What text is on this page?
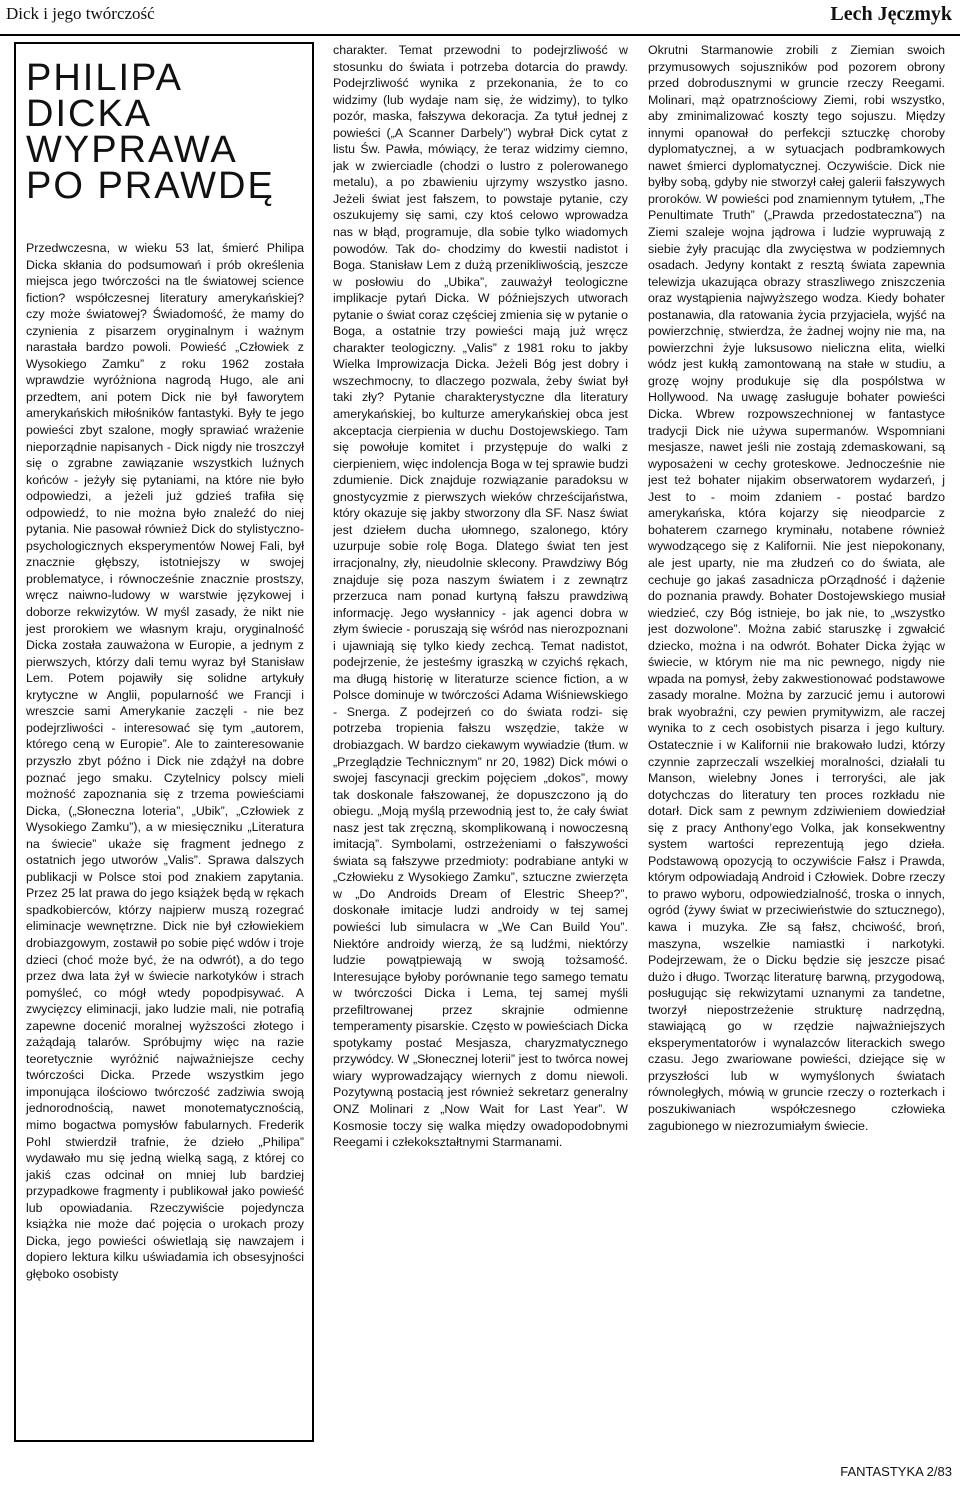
Dick i jego twórczość	Lech Jęczmyk
PHILIPA
DICKA
WYPRAWA
PO PRAWDĘ

Przedwczesna, w wieku 53 lat, śmierć Philipa Dicka skłania do podsumowań i prób określenia miejsca jego twórczości na tle światowej science fiction? współczesnej literatury amerykańskiej? czy może światowej? Świadomość, że mamy do czynienia z pisarzem oryginalnym i ważnym narastała bardzo powoli. Powieść „Człowiek z Wysokiego Zamku” z roku 1962 została wprawdzie wyróżniona nagrodą Hugo, ale ani przedtem, ani potem Dick nie był faworytem amerykańskich miłośników fantastyki. Były te jego powieści zbyt szalone, mogły sprawiać wrażenie nieporządnie napisanych - Dick nigdy nie troszczył się o zgrabne zawiązanie wszystkich luźnych końców - jeżyły się pytaniami, na które nie było odpowiedzi, a jeżeli już gdzieś trafiła się odpowiedź, to nie można było znaleźć do niej pytania. Nie pasował również Dick do stylistyczno-psychologicznych eksperymentów Nowej Fali, był znacznie głębszy, istotniejszy w swojej problematyce, i równocześnie znacznie prostszy, wręcz naiwno-ludowy w warstwie językowej i doborze rekwizytów. W myśl zasady, że nikt nie jest prorokiem we własnym kraju, oryginalność Dicka została zauważona w Europie, a jednym z pierwszych, którzy dali temu wyraz był Stanisław Lem. Potem pojawiły się solidne artykuły krytyczne w Anglii, popularność we Francji i wreszcie sami Amerykanie zaczęli - nie bez podejrzliwości - interesować się tym „autorem, którego ceną w Europie”. Ale to zainteresowanie przyszło zbyt późno i Dick nie zdążył na dobre poznać jego smaku. Czytelnicy polscy mieli możność zapoznania się z trzema powieściami Dicka, („Słoneczna loteria”, „Ubik”, „Człowiek z Wysokiego Zamku”), a w miesięczniku „Literatura na świecie” ukaże się fragment jednego z ostatnich jego utworów „Valis”. Sprawa dalszych publikacji w Polsce stoi pod znakiem zapytania. Przez 25 lat prawa do jego książek będą w rękach spadkobierców, którzy najpierw muszą rozegrać eliminacje wewnętrzne. Dick nie był człowiekiem drobiazgowym, zostawił po sobie pięć wdów i troje dzieci (choć może być, że na odwrót), a do tego przez dwa lata żył w świecie narkotyków i strach pomyśleć, co mógł wtedy popodpisywać. A zwycięzcy eliminacji, jako ludzie mali, nie potrafią zapewne docenić moralnej wyższości złotego i zażądają talarów. Spróbujmy więc na razie teoretycznie wyróżnić najważniejsze cechy twórczości Dicka. Przede wszystkim jego imponująca ilościowo twórczość zadziwia swoją jednorodnością, nawet monotematycznością, mimo bogactwa pomysłów fabularnych. Frederik Pohl stwierdził trafnie, że dzieło „Philipa” wydawało mu się jedną wielką sagą, z której co jakiś czas odcinał on mniej lub bardziej przypadkowe fragmenty i publikował jako powieść lub opowiadania. Rzeczywiście pojedyncza książka nie może dać pojęcia o urokach prozy Dicka, jego powieści oświetlają się nawzajem i dopiero lektura kilku uświadamia ich obsesyjności głęboko osobisty

charakter. Temat przewodni to podejrzliwość w stosunku do świata i potrzeba dotarcia do prawdy. Podejrzliwość wynika z przekonania, że to co widzimy (lub wydaje nam się, że widzimy), to tylko pozór, maska, fałszywa dekoracja. Za tytuł jednej z powieści („A Scanner Darbely”) wybrał Dick cytat z listu Św. Pawła, mówiący, że teraz widzimy ciemno, jak w zwierciadle (chodzi o lustro z polerowanego metalu), a po zbawieniu ujrzymy wszystko jasno. Jeżeli świat jest fałszem, to powstaje pytanie, czy oszukujemy się sami, czy ktoś celowo wprowadza nas w błąd, programuje, dla sobie tylko wiadomych powodów. Tak do- chodzimy do kwestii nadistot i Boga. Stanisław Lem z dużą przenikliwością, jeszcze w posłowiu do „Ubika”, zauważył teologiczne implikacje pytań Dicka. W późniejszych utworach pytanie o świat coraz częściej zmienia się w pytanie o Boga, a ostatnie trzy powieści mają już wręcz charakter teologiczny. „Valis” z 1981 roku to jakby Wielka Improwizacja Dicka. Jeżeli Bóg jest dobry i wszechmocny, to dlaczego pozwala, żeby świat był taki zły? Pytanie charakterystyczne dla literatury amerykańskiej, bo kulturze amerykańskiej obca jest akceptacja cierpienia w duchu Dostojewskiego. Tam się powołuje komitet i przystępuje do walki z cierpieniem, więc indolencja Boga w tej sprawie budzi zdumienie. Dick znajduje rozwiązanie paradoksu w gnostycyzmie z pierwszych wieków chrześcijaństwa, który okazuje się jakby stworzony dla SF. Nasz świat jest dziełem ducha ułomnego, szalonego, który uzurpuje sobie rolę Boga. Dlatego świat ten jest irracjonalny, zły, nieudolnie sklecony. Prawdziwy Bóg znajduje się poza naszym światem i z zewnątrz przerzuca nam ponad kurtyną fałszu prawdziwą informację. Jego wysłannicy - jak agenci dobra w złym świecie - poruszają się wśród nas nierozpoznani i ujawniają się tylko kiedy zechcą. Temat nadistot, podejrzenie, że jesteśmy igraszką w czyichś rękach, ma długą historię w literaturze science fiction, a w Polsce dominuje w twórczości Adama Wiśniewskiego - Snerga. Z podejrzeń co do świata rodzi- się potrzeba tropienia fałszu wszędzie, także w drobiazgach. W bardzo ciekawym wywiadzie (tłum. w „Przeglądzie Technicznym” nr 20, 1982) Dick mówi o swojej fascynacji greckim pojęciem „dokos”, mowy tak doskonale fałszowanej, że dopuszczono ją do obiegu. „Moją myślą przewodnią jest to, że cały świat nasz jest tak zręczną, skomplikowaną i nowoczesną imitacją”. Symbolami, ostrzeżeniami o fałszywości świata są fałszywe przedmioty: podrabiane antyki w „Człowieku z Wysokiego Zamku”, sztuczne zwierzęta w „Do Androids Dream of Elestric Sheep?”, doskonałe imitacje ludzi androidy w tej samej powieści lub simulacra w „We Can Build You”. Niektóre androidy wierzą, że są ludźmi, niektórzy ludzie powątpiewają w swoją tożsamość. Interesujące byłoby porównanie tego samego tematu w twórczości Dicka i Lema, tej samej myśli przefiltrowanej przez skrajnie odmienne temperamenty pisarskie. Często w powieściach Dicka spotykamy postać Mesjasza, charyzmatycznego przywódcy. W „Słonecznej loterii” jest to twórca nowej wiary wyprowadzający wiernych z domu niewoli. Pozytywną postacią jest również sekretarz generalny ONZ Molinari z „Now Wait for Last Year”. W Kosmosie toczy się walka między owadopodobnymi Reegami i człekokształtnymi Starmanami.

Okrutni Starmanowie zrobili z Ziemian swoich przymusowych sojuszników pod pozorem obrony przed dobrodusznymi w gruncie rzeczy Reegami. Molinari, mąż opatrznościowy Ziemi, robi wszystko, aby zminimalizować koszty tego sojuszu. Między innymi opanował do perfekcji sztuczkę choroby dyplomatycznej, a w sytuacjach podbramkowych nawet śmierci dyplomatycznej. Oczywiście. Dick nie byłby sobą, gdyby nie stworzył całej galerii fałszywych proroków. W powieści pod znamiennym tytułem, „The Penultimate Truth” („Prawda przedostateczna”) na Ziemi szaleje wojna jądrowa i ludzie wypruwają z siebie żyły pracując dla zwycięstwa w podziemnych osadach. Jedyny kontakt z resztą świata zapewnia telewizja ukazująca obrazy straszliwego zniszczenia oraz wystąpienia najwyższego wodza. Kiedy bohater postanawia, dla ratowania życia przyjaciela, wyjść na powierzchnię, stwierdza, że żadnej wojny nie ma, na powierzchni żyje luksusowo nieliczna elita, wielki wódz jest kukłą zamontowaną na stałe w studiu, a grozę wojny produkuje się dla pospólstwa w Hollywood. Na uwagę zasługuje bohater powieści Dicka. Wbrew rozpowszechnionej w fantastyce tradycji Dick nie używa supermanów. Wspomniani mesjasze, nawet jeśli nie zostają zdemaskowani, są wyposażeni w cechy groteskowe. Jednocześnie nie jest też bohater nijakim obserwatorem wydarzeń, j Jest to - moim zdaniem - postać bardzo amerykańska, która kojarzy się nieodparcie z bohaterem czarnego kryminału, notabene również wywodzącego się z Kalifornii. Nie jest niepokonany, ale jest uparty, nie ma złudzeń co do świata, ale cechuje go jakaś zasadnicza pOrządność i dążenie do poznania prawdy. Bohater Dostojewskiego musiał wiedzieć, czy Bóg istnieje, bo jak nie, to „wszystko jest dozwolone”. Można zabić staruszkę i zgwałcić dziecko, można i na odwrót. Bohater Dicka żyjąc w świecie, w którym nie ma nic pewnego, nigdy nie wpada na pomysł, żeby zakwestionować podstawowe zasady moralne. Można by zarzucić jemu i autorowi brak wyobraźni, czy pewien prymitywizm, ale raczej wynika to z cech osobistych pisarza i jego kultury. Ostatecznie i w Kalifornii nie brakowało ludzi, którzy czynnie zaprzeczali wszelkiej moralności, działali tu Manson, wielebny Jones i terroryści, ale jak dotychczas do literatury ten proces rozkładu nie dotarł. Dick sam z pewnym zdziwieniem dowiedział się z pracy Anthony’ego Volka, jak konsekwentny system wartości reprezentują jego dzieła. Podstawową opozycją to oczywiście Fałsz i Prawda, którym odpowiadają Android i Człowiek. Dobre rzeczy to prawo wyboru, odpowiedzialność, troska o innych, ogród (żywy świat w przeciwieństwie do sztucznego), kawa i muzyka. Złe są fałsz, chciwość, broń, maszyna, wszelkie namiastki i narkotyki. Podejrzewam, że o Dicku będzie się jeszcze pisać dużo i długo. Tworząc literaturę barwną, przygodową, posługując się rekwizytami uznanymi za tandetne, tworzył niepostrzeżenie strukturę nadrzędną, stawiającą go w rzędzie najważniejszych eksperymentatorów i wynalazców literackich swego czasu. Jego zwariowane powieści, dziejące się w przyszłości lub w wymyślonych światach równoległych, mówią w gruncie rzeczy o rozterkach i poszukiwaniach współczesnego człowieka zagubionego w niezrozumiałym świecie.

FANTASTYKA 2/83
